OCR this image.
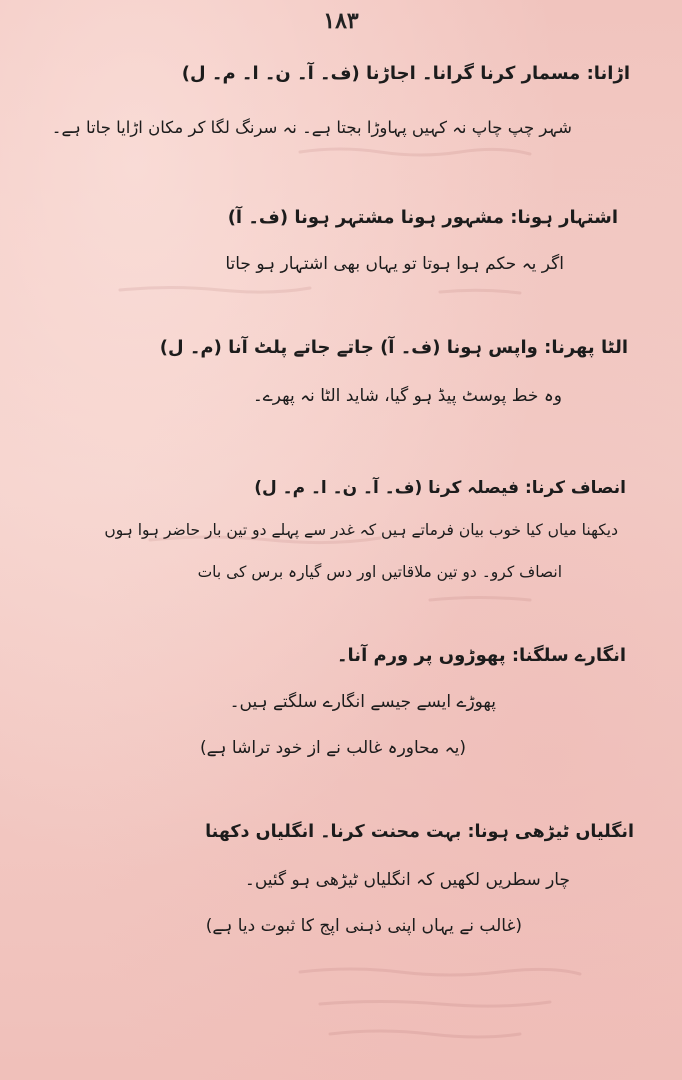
۱۸۳
اڑانا: مسمار کرنا گرانا۔ اجاڑنا (ف۔ آ۔ ن۔ ا۔ م۔ ل)
شہر چپ چاپ نہ کہیں پہاوڑا بجتا ہے۔ نہ سرنگ لگا کر مکان اڑایا جاتا ہے۔
اشتہار ہونا: مشہور ہونا مشتہر ہونا (ف۔ آ)
اگر یہ حکم ہوا ہوتا تو یہاں بھی اشتہار ہو جاتا
الٹا پھرنا: واپس ہونا (ف۔ آ) جاتے جاتے پلٹ آنا (م۔ ل)
وہ خط پوسٹ پیڈ ہو گیا، شاید الٹا نہ پھرے۔
انصاف کرنا: فیصلہ کرنا (ف۔ آ۔ ن۔ ا۔ م۔ ل)
دیکھنا میاں کیا خوب بیان فرماتے ہیں کہ غدر سے پہلے دو تین بار حاضر ہوا ہوں
انصاف کرو۔ دو تین ملاقاتیں اور دس گیارہ برس کی بات
انگارے سلگنا: پھوڑوں پر ورم آنا۔
پھوڑے ایسے جیسے انگارے سلگتے ہیں۔
(یہ محاورہ غالب نے از خود تراشا ہے)
انگلیاں ٹیڑھی ہونا: بہت محنت کرنا۔ انگلیاں دکھنا
چار سطریں لکھیں کہ انگلیاں ٹیڑھی ہو گئیں۔
(غالب نے یہاں اپنی ذہنی اپج کا ثبوت دیا ہے)
